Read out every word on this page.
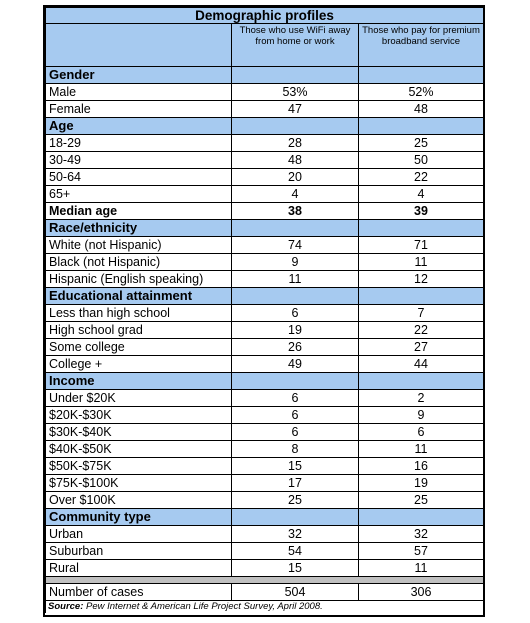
Demographic profiles		
	Those who use WiFi away from home or work	Those who pay for premium broadband service
Gender		
Male	53%	52%
Female	47	48
Age		
18-29	28	25
30-49	48	50
50-64	20	22
65+	4	4
Median age	38	39
Race/ethnicity		
White (not Hispanic)	74	71
Black (not Hispanic)	9	11
Hispanic (English speaking)	11	12
Educational attainment		
Less than high school	6	7
High school grad	19	22
Some college	26	27
College +	49	44
Income		
Under $20K	6	2
$20K-$30K	6	9
$30K-$40K	6	6
$40K-$50K	8	11
$50K-$75K	15	16
$75K-$100K	17	19
Over $100K	25	25
Community type		
Urban	32	32
Suburban	54	57
Rural	15	11

Number of cases	504	306
Source: Pew Internet & American Life Project Survey, April 2008.		
